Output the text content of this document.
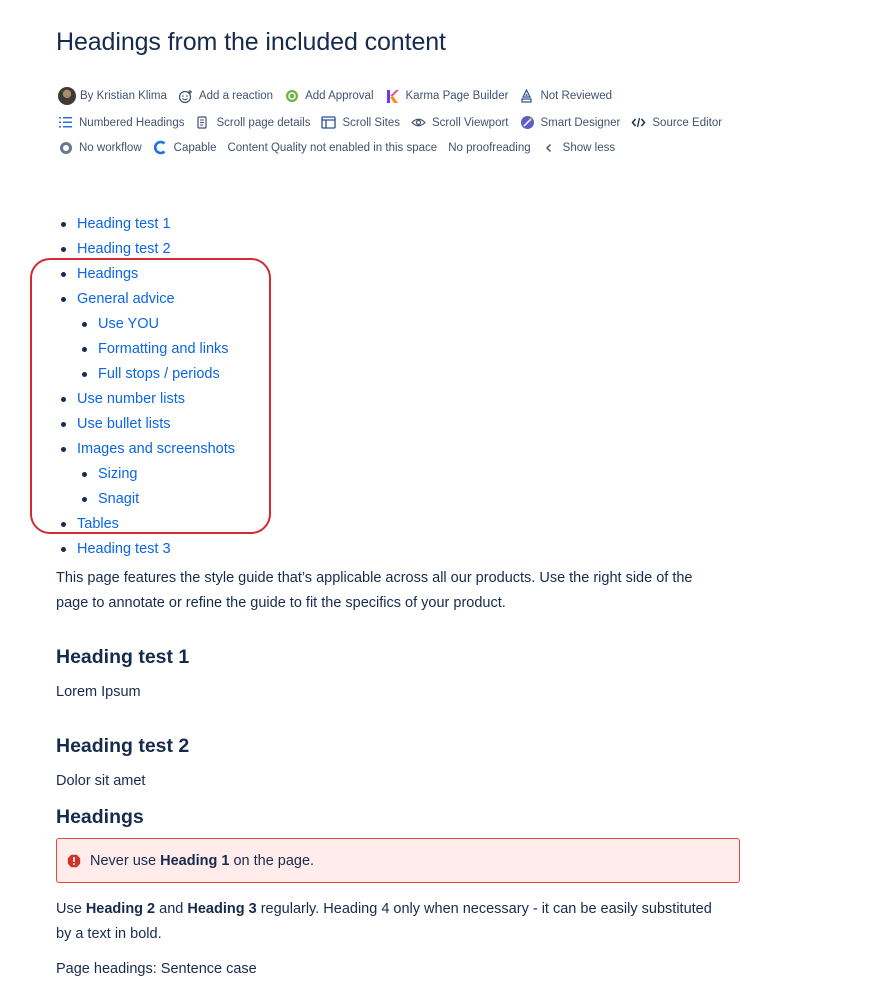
Headings from the included content
By Kristian Klima	Add a reaction	Add Approval	Karma Page Builder	Not Reviewed
Numbered Headings	Scroll page details	Scroll Sites	Scroll Viewport	Smart Designer	Source Editor
No workflow	Capable Content Quality not enabled in this space No proofreading	Show less
Heading test 1
Heading test 2
Headings
General advice
Use YOU
Formatting and links
Full stops / periods
Use number lists
Use bullet lists
Images and screenshots
Sizing
Snagit
Tables
Heading test 3
This page features the style guide that’s applicable across all our products. Use the right side of the
page to annotate or refine the guide to fit the specifics of your product.
Heading test 1
Lorem Ipsum
Heading test 2
Dolor sit amet
Headings
Never use Heading 1 on the page.
Use Heading 2 and Heading 3 regularly. Heading 4 only when necessary - it can be easily substituted
by a text in bold.
Page headings: Sentence case
